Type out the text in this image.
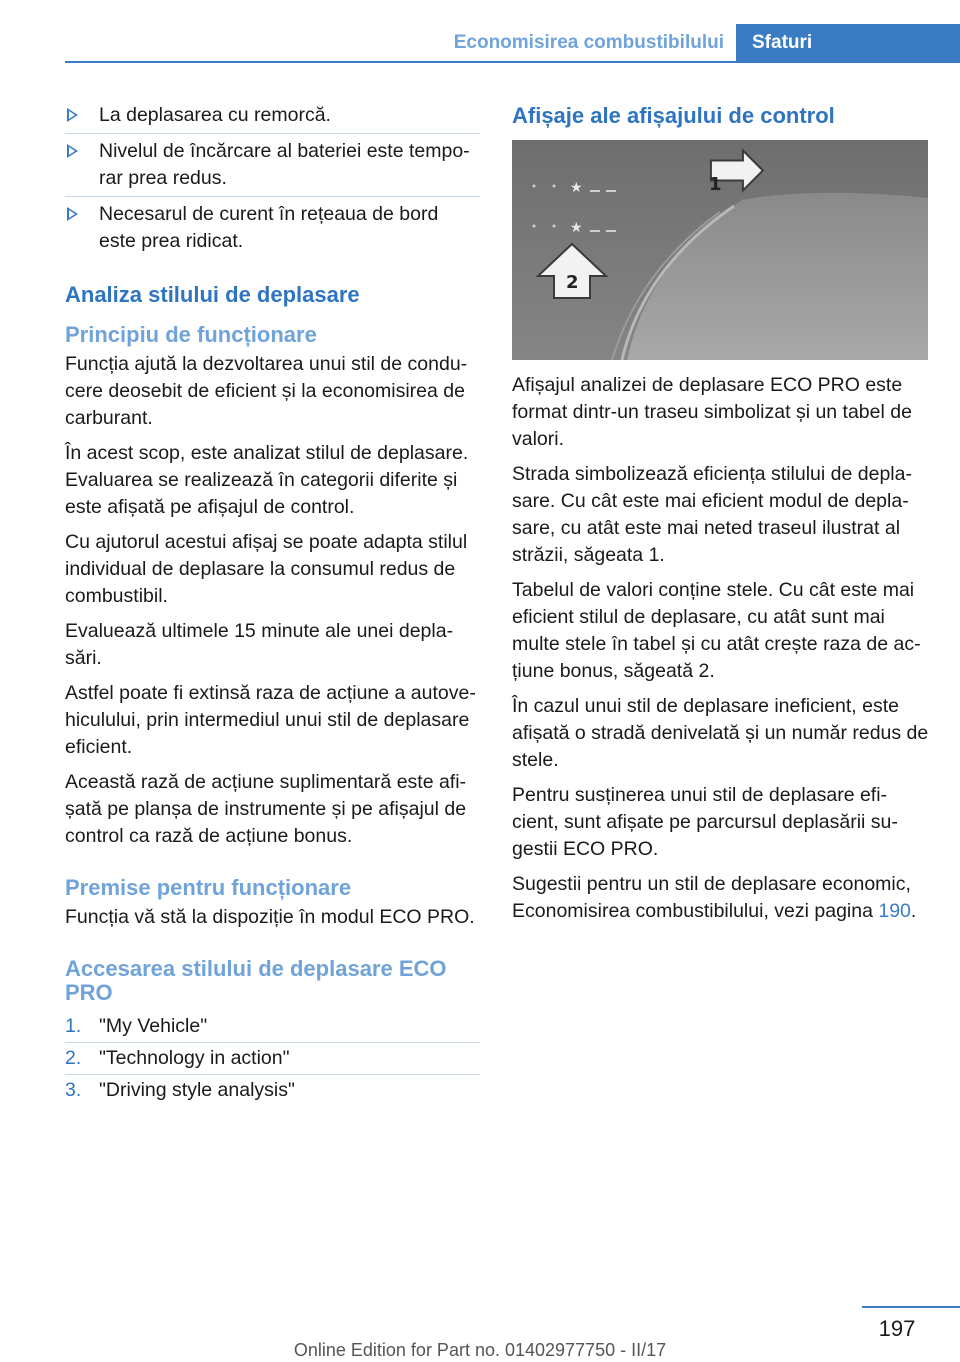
Economisirea combustibilului	Sfaturi
La deplasarea cu remorcă.
Nivelul de încărcare al bateriei este tempo-rar prea redus.
Necesarul de curent în rețeaua de bord este prea ridicat.
Analiza stilului de deplasare
Principiu de funcționare

Funcția ajută la dezvoltarea unui stil de condu-cere deosebit de eficient și la economisirea de carburant.

În acest scop, este analizat stilul de deplasare. Evaluarea se realizează în categorii diferite și este afișată pe afișajul de control.

Cu ajutorul acestui afișaj se poate adapta stilul individual de deplasare la consumul redus de combustibil.

Evaluează ultimele 15 minute ale unei depla-sări.

Astfel poate fi extinsă raza de acțiune a autove-hiculului, prin intermediul unui stil de deplasare eficient.

Această rază de acțiune suplimentară este afi-șată pe planșa de instrumente și pe afișajul de control ca rază de acțiune bonus.

Premise pentru funcționare

Funcția vă stă la dispoziție în modul ECO PRO.

Accesarea stilului de deplasare ECO PRO
1. "My Vehicle"
2. "Technology in action"
3. "Driving style analysis"
Afișaje ale afișajului de control
★
★
1
2

Afișajul analizei de deplasare ECO PRO este format dintr-un traseu simbolizat și un tabel de valori.

Strada simbolizează eficiența stilului de depla-sare. Cu cât este mai eficient modul de depla-sare, cu atât este mai neted traseul ilustrat al străzii, săgeata 1.

Tabelul de valori conține stele. Cu cât este mai eficient stilul de deplasare, cu atât sunt mai multe stele în tabel și cu atât crește raza de ac-țiune bonus, săgeată 2.

În cazul unui stil de deplasare ineficient, este afișată o stradă denivelată și un număr redus de stele.

Pentru susținerea unui stil de deplasare efi-cient, sunt afișate pe parcursul deplasării su-gestii ECO PRO.

Sugestii pentru un stil de deplasare economic, Economisirea combustibilului, vezi pagina 190.

197
Online Edition for Part no. 01402977750 - II/17
